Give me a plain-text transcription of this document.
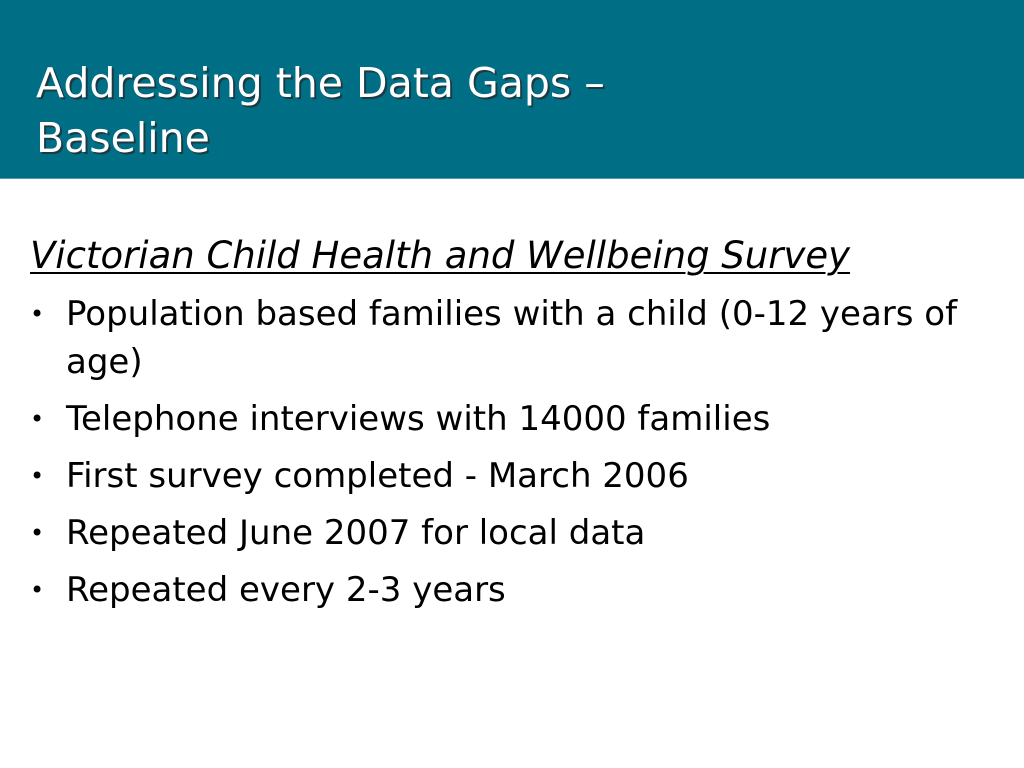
Addressing the Data Gaps –
Baseline

Victorian Child Health and Wellbeing Survey

• Population based families with a child (0-12 years of age)
• Telephone interviews with 14000 families
• First survey completed - March 2006
• Repeated June 2007 for local data
• Repeated every 2-3 years
